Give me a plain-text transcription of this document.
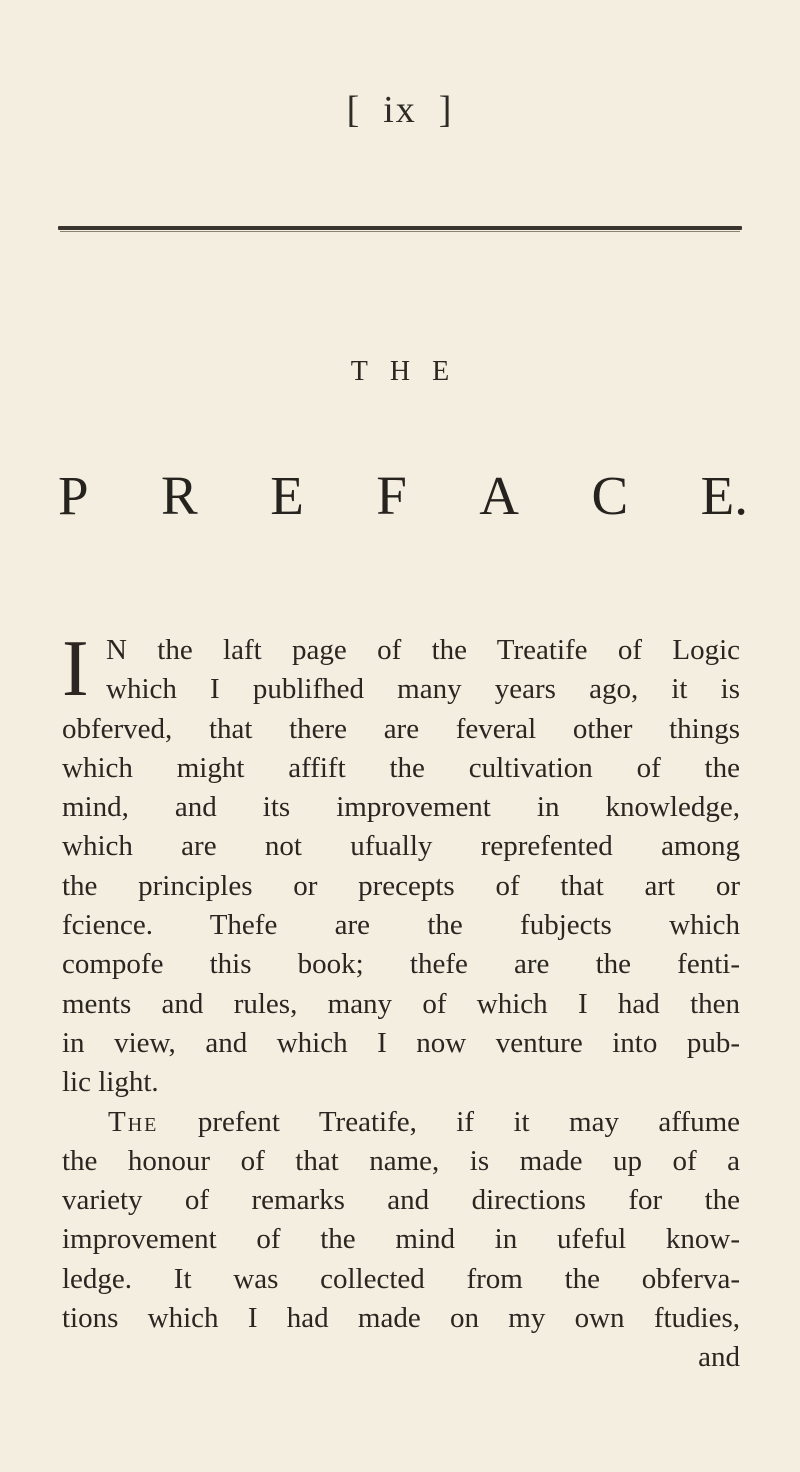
[ ix ]
THE
P R E F A C E.
I N the laft page of the Treatife of Logic
which I publifhed many years ago, it is
obferved, that there are feveral other things
which might affift the cultivation of the
mind, and its improvement in knowledge,
which are not ufually reprefented among
the principles or precepts of that art or
fcience. Thefe are the fubjects which
compofe this book; thefe are the fenti-
ments and rules, many of which I had then
in view, and which I now venture into pub-
lic light.
The prefent Treatife, if it may affume
the honour of that name, is made up of a
variety of remarks and directions for the
improvement of the mind in ufeful know-
ledge. It was collected from the obferva-
tions which I had made on my own ftudies,
and
